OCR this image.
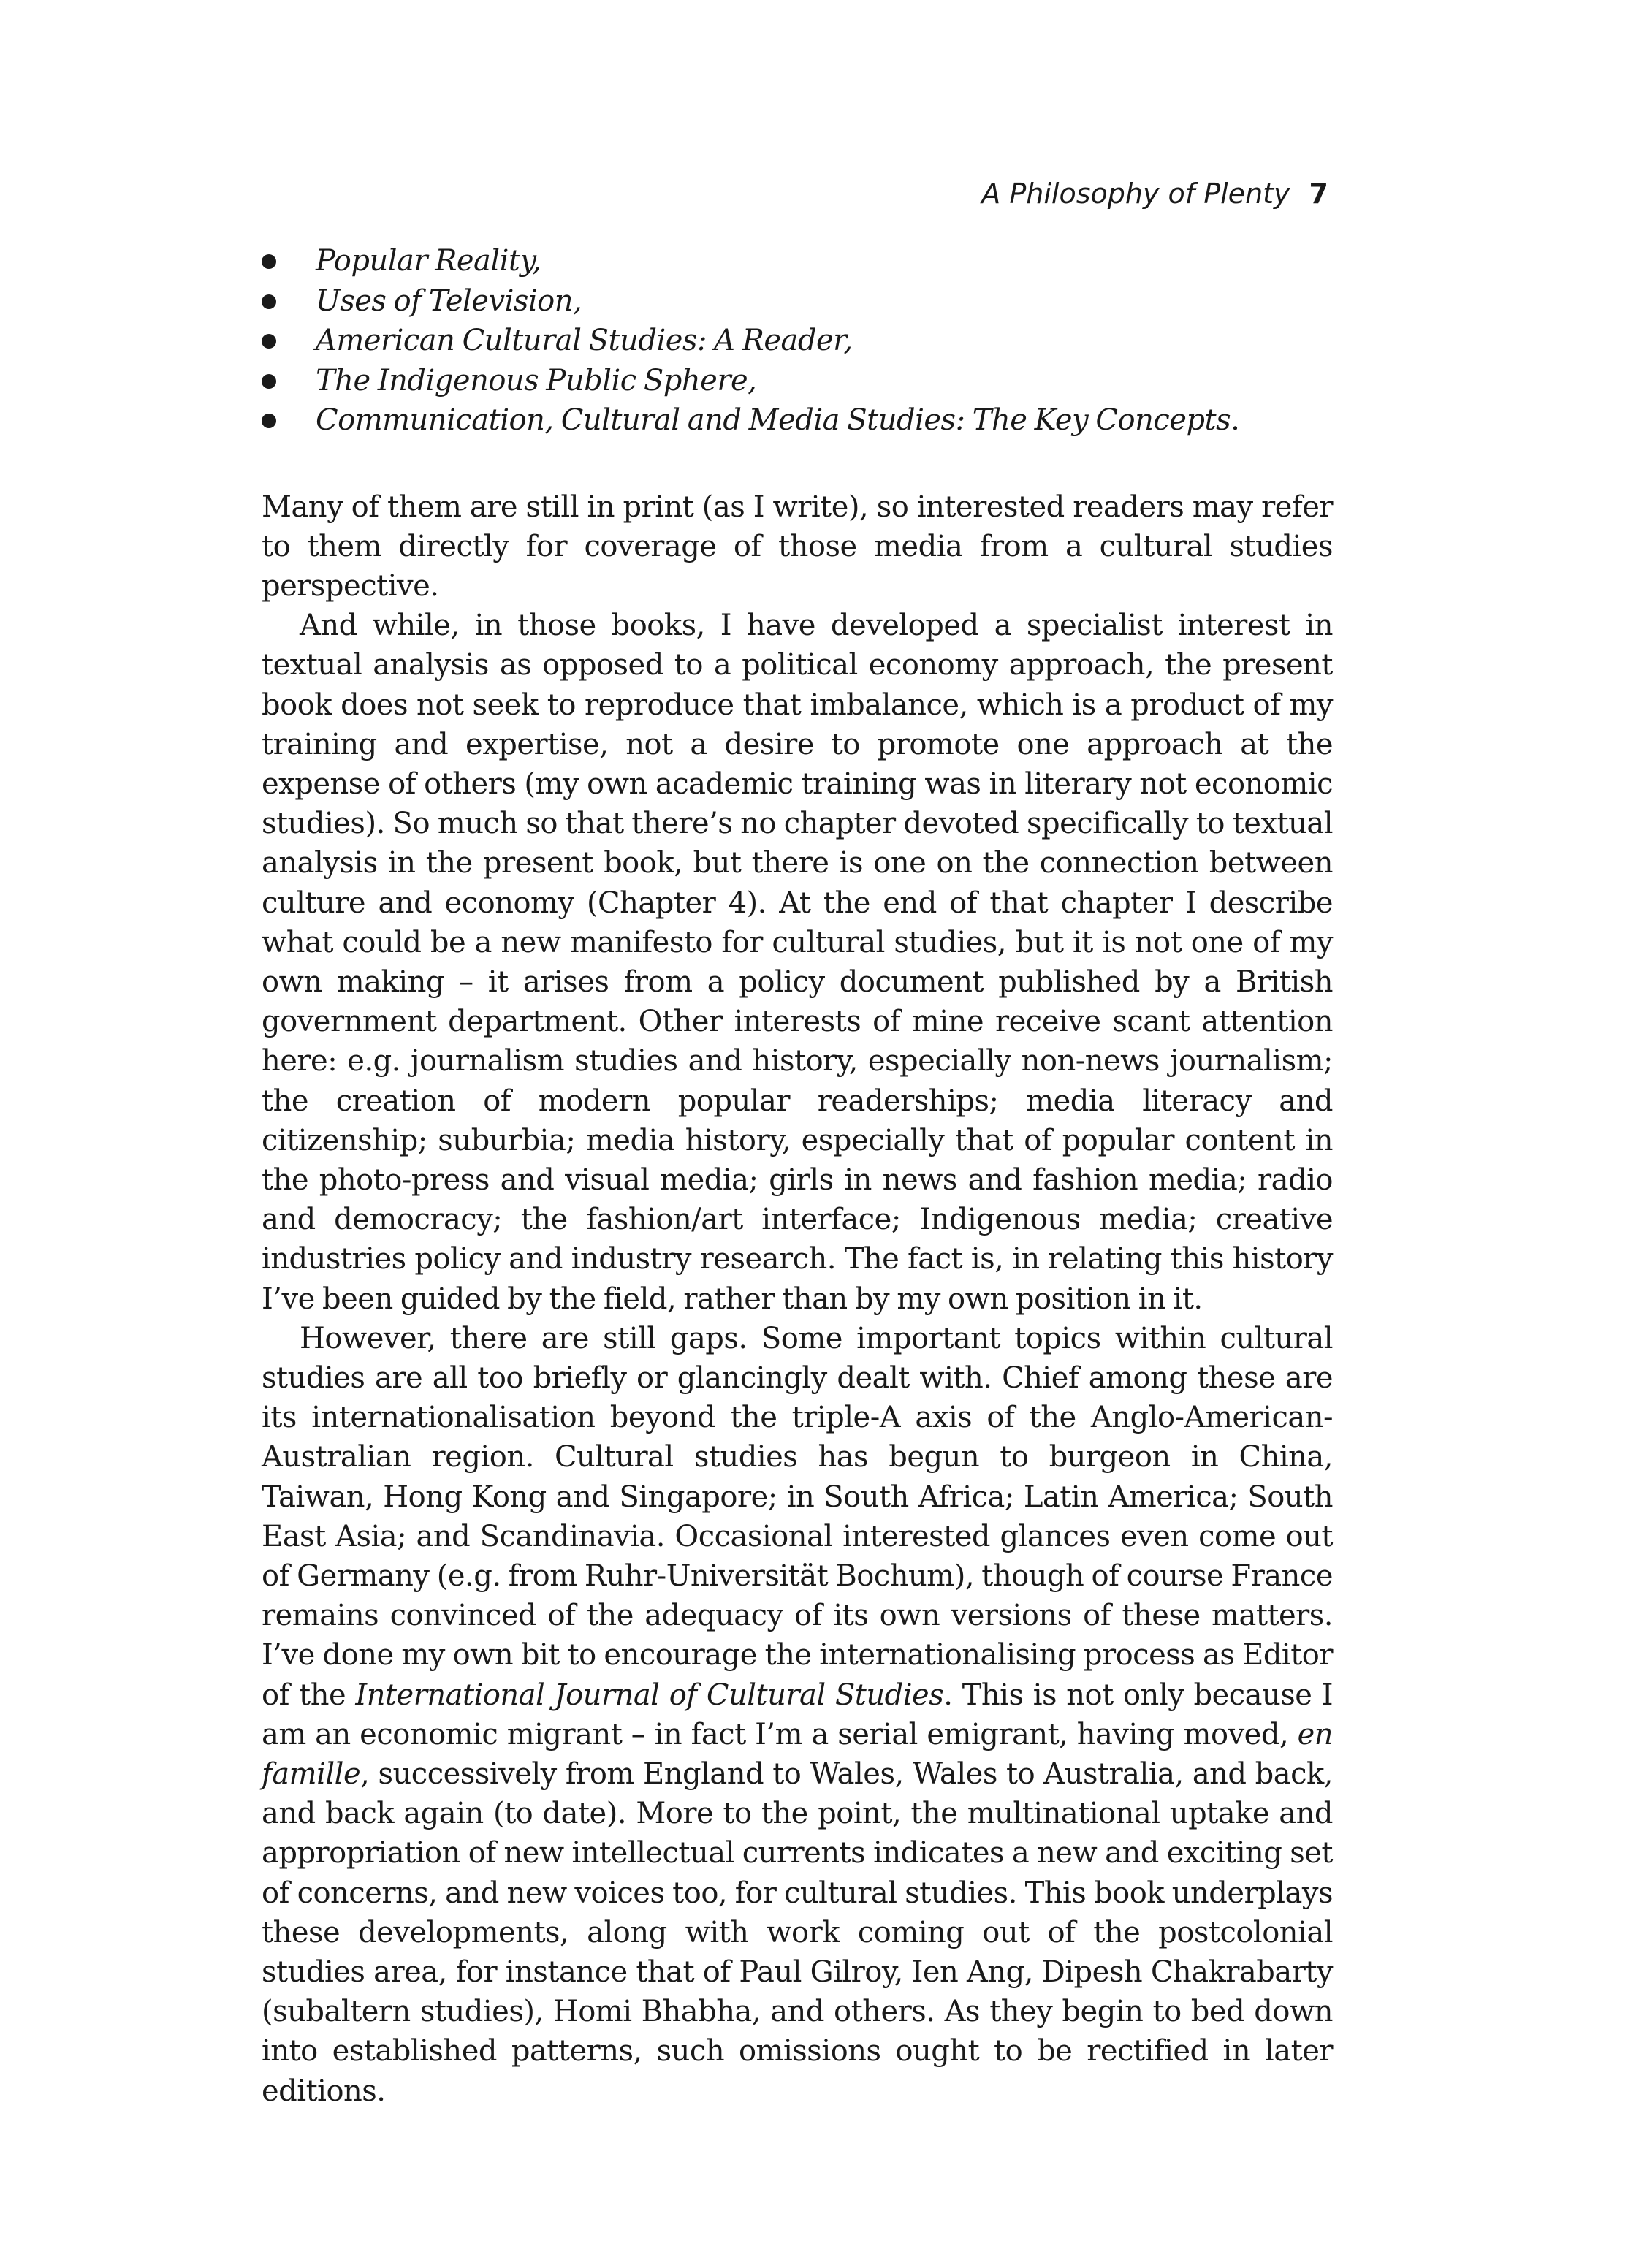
A Philosophy of Plenty 7
Popular Reality,
Uses of Television,
American Cultural Studies: A Reader,
The Indigenous Public Sphere,
Communication, Cultural and Media Studies: The Key Concepts.

Many of them are still in print (as I write), so interested readers may refer to them directly for coverage of those media from a cultural studies perspective.

And while, in those books, I have developed a specialist interest in textual analysis as opposed to a political economy approach, the present book does not seek to reproduce that imbalance, which is a product of my training and expertise, not a desire to promote one approach at the expense of others (my own academic training was in literary not economic studies). So much so that there’s no chapter devoted specifically to textual analysis in the present book, but there is one on the connection between culture and economy (Chapter 4). At the end of that chapter I describe what could be a new manifesto for cultural studies, but it is not one of my own making – it arises from a policy document published by a British government department. Other interests of mine receive scant attention here: e.g. journalism studies and history, especially non-news journalism; the creation of modern popular readerships; media literacy and citizenship; suburbia; media history, especially that of popular content in the photo-press and visual media; girls in news and fashion media; radio and democracy; the fashion/art interface; Indigenous media; creative industries policy and industry research. The fact is, in relating this history I’ve been guided by the field, rather than by my own position in it.

However, there are still gaps. Some important topics within cultural studies are all too briefly or glancingly dealt with. Chief among these are its internationalisation beyond the triple-A axis of the Anglo-American-Australian region. Cultural studies has begun to burgeon in China, Taiwan, Hong Kong and Singapore; in South Africa; Latin America; South East Asia; and Scandinavia. Occasional interested glances even come out of Germany (e.g. from Ruhr-Universität Bochum), though of course France remains convinced of the adequacy of its own versions of these matters. I’ve done my own bit to encourage the internationalising process as Editor of the International Journal of Cultural Studies. This is not only because I am an economic migrant – in fact I’m a serial emigrant, having moved, en famille, successively from England to Wales, Wales to Australia, and back, and back again (to date). More to the point, the multinational uptake and appropriation of new intellectual currents indicates a new and exciting set of concerns, and new voices too, for cultural studies. This book underplays these developments, along with work coming out of the postcolonial studies area, for instance that of Paul Gilroy, Ien Ang, Dipesh Chakrabarty (subaltern studies), Homi Bhabha, and others. As they begin to bed down into established patterns, such omissions ought to be rectified in later editions.
